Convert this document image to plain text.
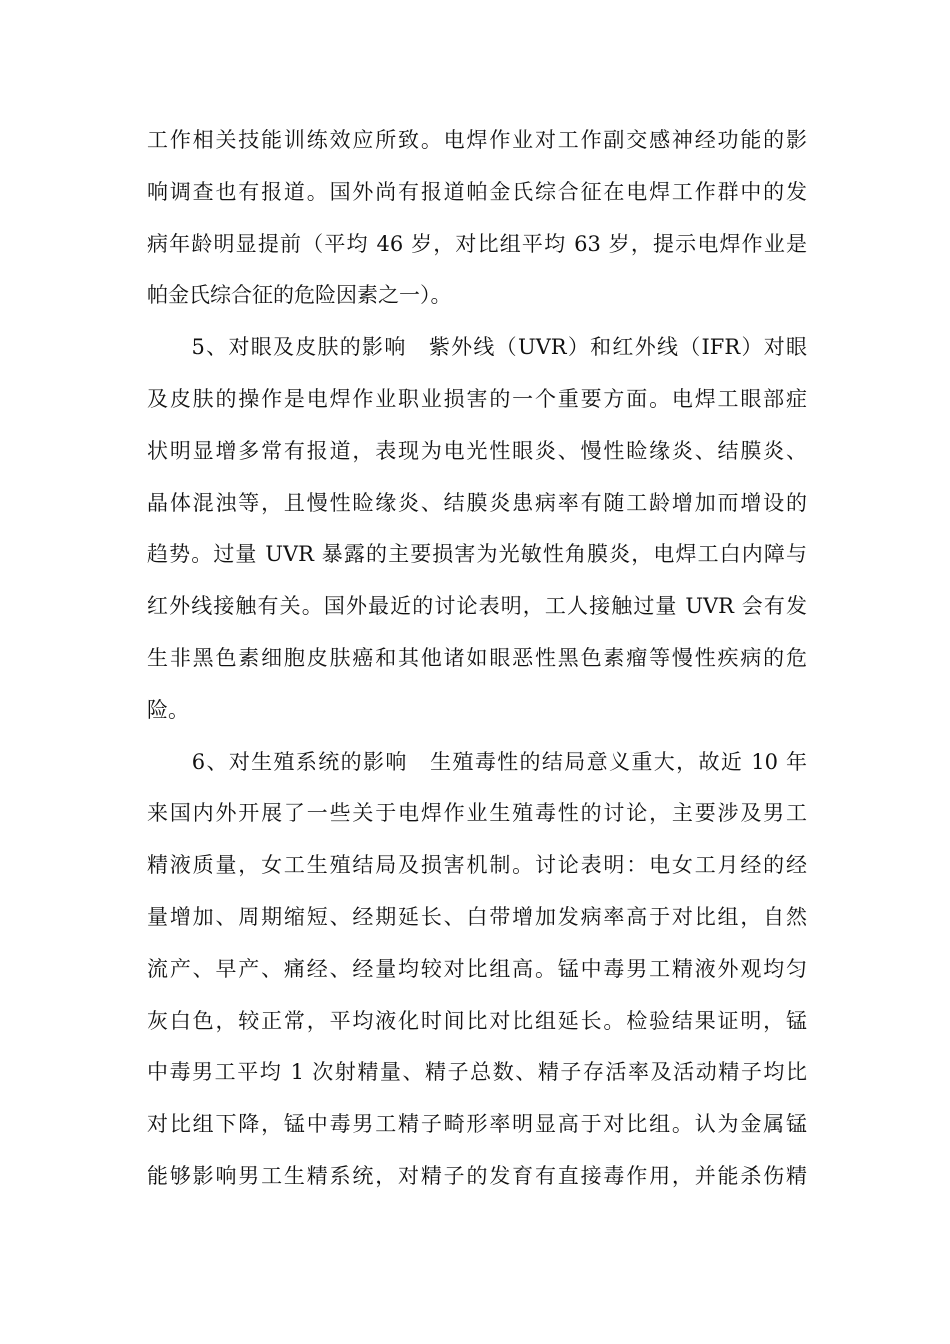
工作相关技能训练效应所致。电焊作业对工作副交感神经功能的影
响调查也有报道。国外尚有报道帕金氏综合征在电焊工作群中的发
病年龄明显提前（平均 46 岁，对比组平均 63 岁，提示电焊作业是
帕金氏综合征的危险因素之一）。
　　5、对眼及皮肤的影响　紫外线（UVR）和红外线（IFR）对眼
及皮肤的操作是电焊作业职业损害的一个重要方面。电焊工眼部症
状明显增多常有报道，表现为电光性眼炎、慢性睑缘炎、结膜炎、
晶体混浊等，且慢性睑缘炎、结膜炎患病率有随工龄增加而增设的
趋势。过量 UVR 暴露的主要损害为光敏性角膜炎，电焊工白内障与
红外线接触有关。国外最近的讨论表明，工人接触过量 UVR 会有发
生非黑色素细胞皮肤癌和其他诸如眼恶性黑色素瘤等慢性疾病的危
险。
　　6、对生殖系统的影响　生殖毒性的结局意义重大，故近 10 年
来国内外开展了一些关于电焊作业生殖毒性的讨论，主要涉及男工
精液质量，女工生殖结局及损害机制。讨论表明：电女工月经的经
量增加、周期缩短、经期延长、白带增加发病率高于对比组，自然
流产、早产、痛经、经量均较对比组高。锰中毒男工精液外观均匀
灰白色，较正常，平均液化时间比对比组延长。检验结果证明，锰
中毒男工平均 1 次射精量、精子总数、精子存活率及活动精子均比
对比组下降，锰中毒男工精子畸形率明显高于对比组。认为金属锰
能够影响男工生精系统，对精子的发育有直接毒作用，并能杀伤精
